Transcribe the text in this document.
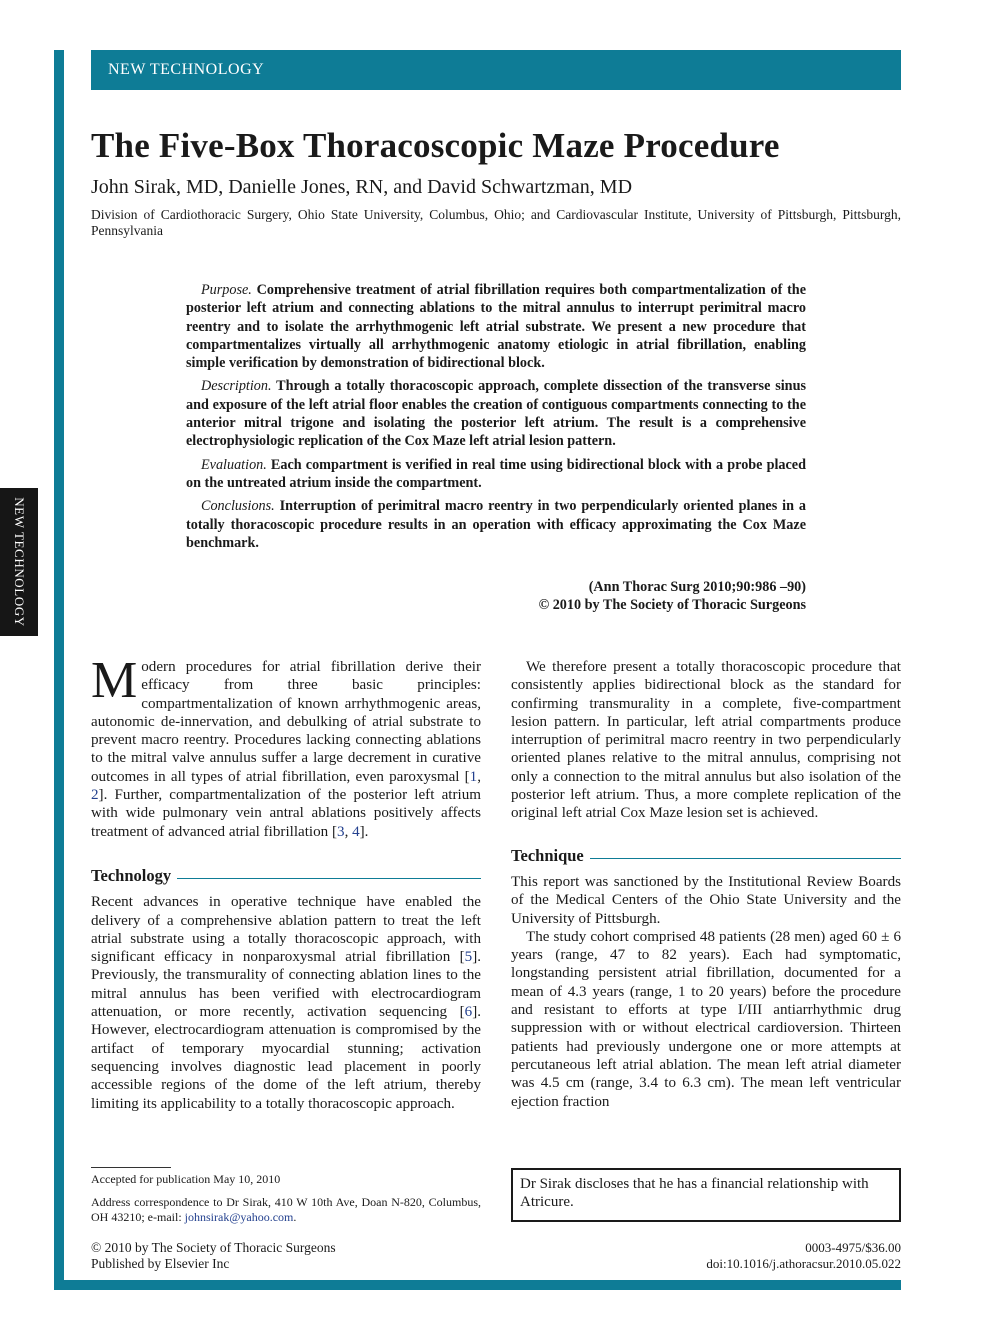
NEW TECHNOLOGY
NEW TECHNOLOGY
The Five-Box Thoracoscopic Maze Procedure
John Sirak, MD, Danielle Jones, RN, and David Schwartzman, MD
Division of Cardiothoracic Surgery, Ohio State University, Columbus, Ohio; and Cardiovascular Institute, University of Pittsburgh, Pittsburgh, Pennsylvania

Purpose. Comprehensive treatment of atrial fibrillation requires both compartmentalization of the posterior left atrium and connecting ablations to the mitral annulus to interrupt perimitral macro reentry and to isolate the arrhythmogenic left atrial substrate. We present a new procedure that compartmentalizes virtually all arrhythmogenic anatomy etiologic in atrial fibrillation, enabling simple verification by demonstration of bidirectional block.

Description. Through a totally thoracoscopic approach, complete dissection of the transverse sinus and exposure of the left atrial floor enables the creation of contiguous compartments connecting to the anterior mitral trigone and isolating the posterior left atrium. The result is a comprehensive electrophysiologic replication of the Cox Maze left atrial lesion pattern.

Evaluation. Each compartment is verified in real time using bidirectional block with a probe placed on the untreated atrium inside the compartment.

Conclusions. Interruption of perimitral macro reentry in two perpendicularly oriented planes in a totally thoracoscopic procedure results in an operation with efficacy approximating the Cox Maze benchmark.

(Ann Thorac Surg 2010;90:986 –90)
© 2010 by The Society of Thoracic Surgeons

Modern procedures for atrial fibrillation derive their efficacy from three basic principles: compartmentalization of known arrhythmogenic areas, autonomic de-innervation, and debulking of atrial substrate to prevent macro reentry. Procedures lacking connecting ablations to the mitral valve annulus suffer a large decrement in curative outcomes in all types of atrial fibrillation, even paroxysmal [1, 2]. Further, compartmentalization of the posterior left atrium with wide pulmonary vein antral ablations positively affects treatment of advanced atrial fibrillation [3, 4].

Technology

Recent advances in operative technique have enabled the delivery of a comprehensive ablation pattern to treat the left atrial substrate using a totally thoracoscopic approach, with significant efficacy in nonparoxysmal atrial fibrillation [5]. Previously, the transmurality of connecting ablation lines to the mitral annulus has been verified with electrocardiogram attenuation, or more recently, activation sequencing [6]. However, electrocardiogram attenuation is compromised by the artifact of temporary myocardial stunning; activation sequencing involves diagnostic lead placement in poorly accessible regions of the dome of the left atrium, thereby limiting its applicability to a totally thoracoscopic approach.

We therefore present a totally thoracoscopic procedure that consistently applies bidirectional block as the standard for confirming transmurality in a complete, five-compartment lesion pattern. In particular, left atrial compartments produce interruption of perimitral macro reentry in two perpendicularly oriented planes relative to the mitral annulus, comprising not only a connection to the mitral annulus but also isolation of the posterior left atrium. Thus, a more complete replication of the original left atrial Cox Maze lesion set is achieved.

Technique

This report was sanctioned by the Institutional Review Boards of the Medical Centers of the Ohio State University and the University of Pittsburgh.

The study cohort comprised 48 patients (28 men) aged 60 ± 6 years (range, 47 to 82 years). Each had symptomatic, longstanding persistent atrial fibrillation, documented for a mean of 4.3 years (range, 1 to 20 years) before the procedure and resistant to efforts at type I/III antiarrhythmic drug suppression with or without electrical cardioversion. Thirteen patients had previously undergone one or more attempts at percutaneous left atrial ablation. The mean left atrial diameter was 4.5 cm (range, 3.4 to 6.3 cm). The mean left ventricular ejection fraction

Accepted for publication May 10, 2010

Address correspondence to Dr Sirak, 410 W 10th Ave, Doan N-820, Columbus, OH 43210; e-mail: johnsirak@yahoo.com.

Dr Sirak discloses that he has a financial relationship with Atricure.
© 2010 by The Society of Thoracic Surgeons
Published by Elsevier Inc
0003-4975/$36.00
doi:10.1016/j.athoracsur.2010.05.022
